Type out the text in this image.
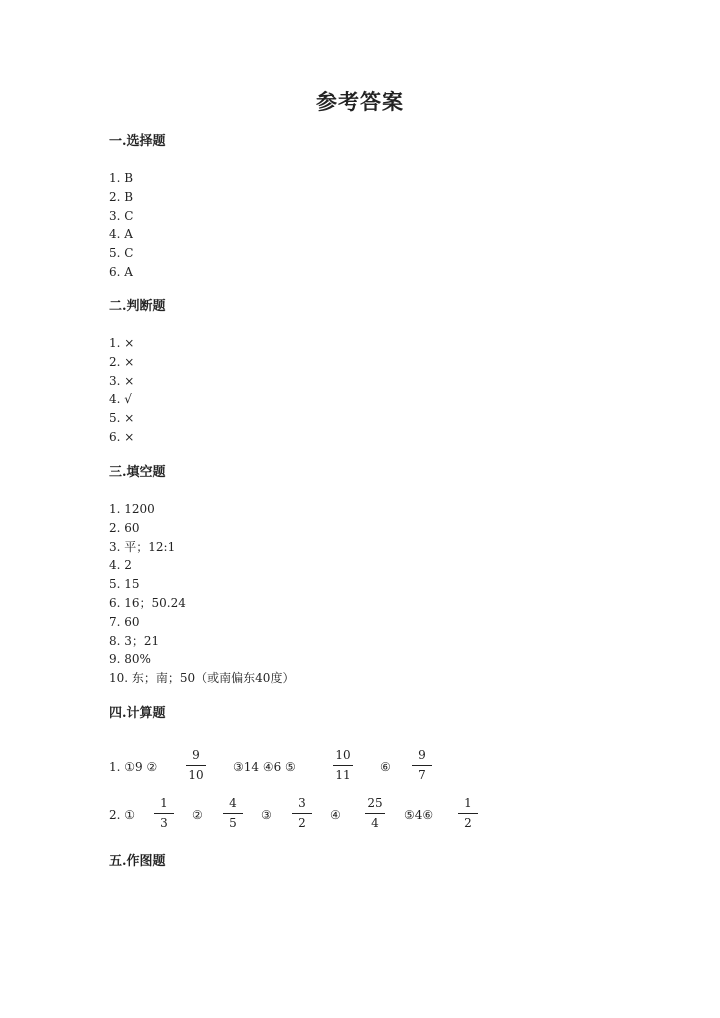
参考答案
一.选择题
1. B
2. B
3. C
4. A
5. C
6. A
二.判断题
1. ×
2. ×
3. ×
4. √
5. ×
6. ×
三.填空题
1. 1200
2. 60
3. 平；12:1
4. 2
5. 15
6. 16；50.24
7. 60
8. 3；21
9. 80%
10. 东；南；50（或南偏东40度）
四.计算题
1. ①9 ②
9
10
③14 ④6 ⑤
10
11
⑥
9
7
2. ①
1
3
②
4
5
③
3
2
④
25
4
⑤4⑥
1
2
五.作图题
